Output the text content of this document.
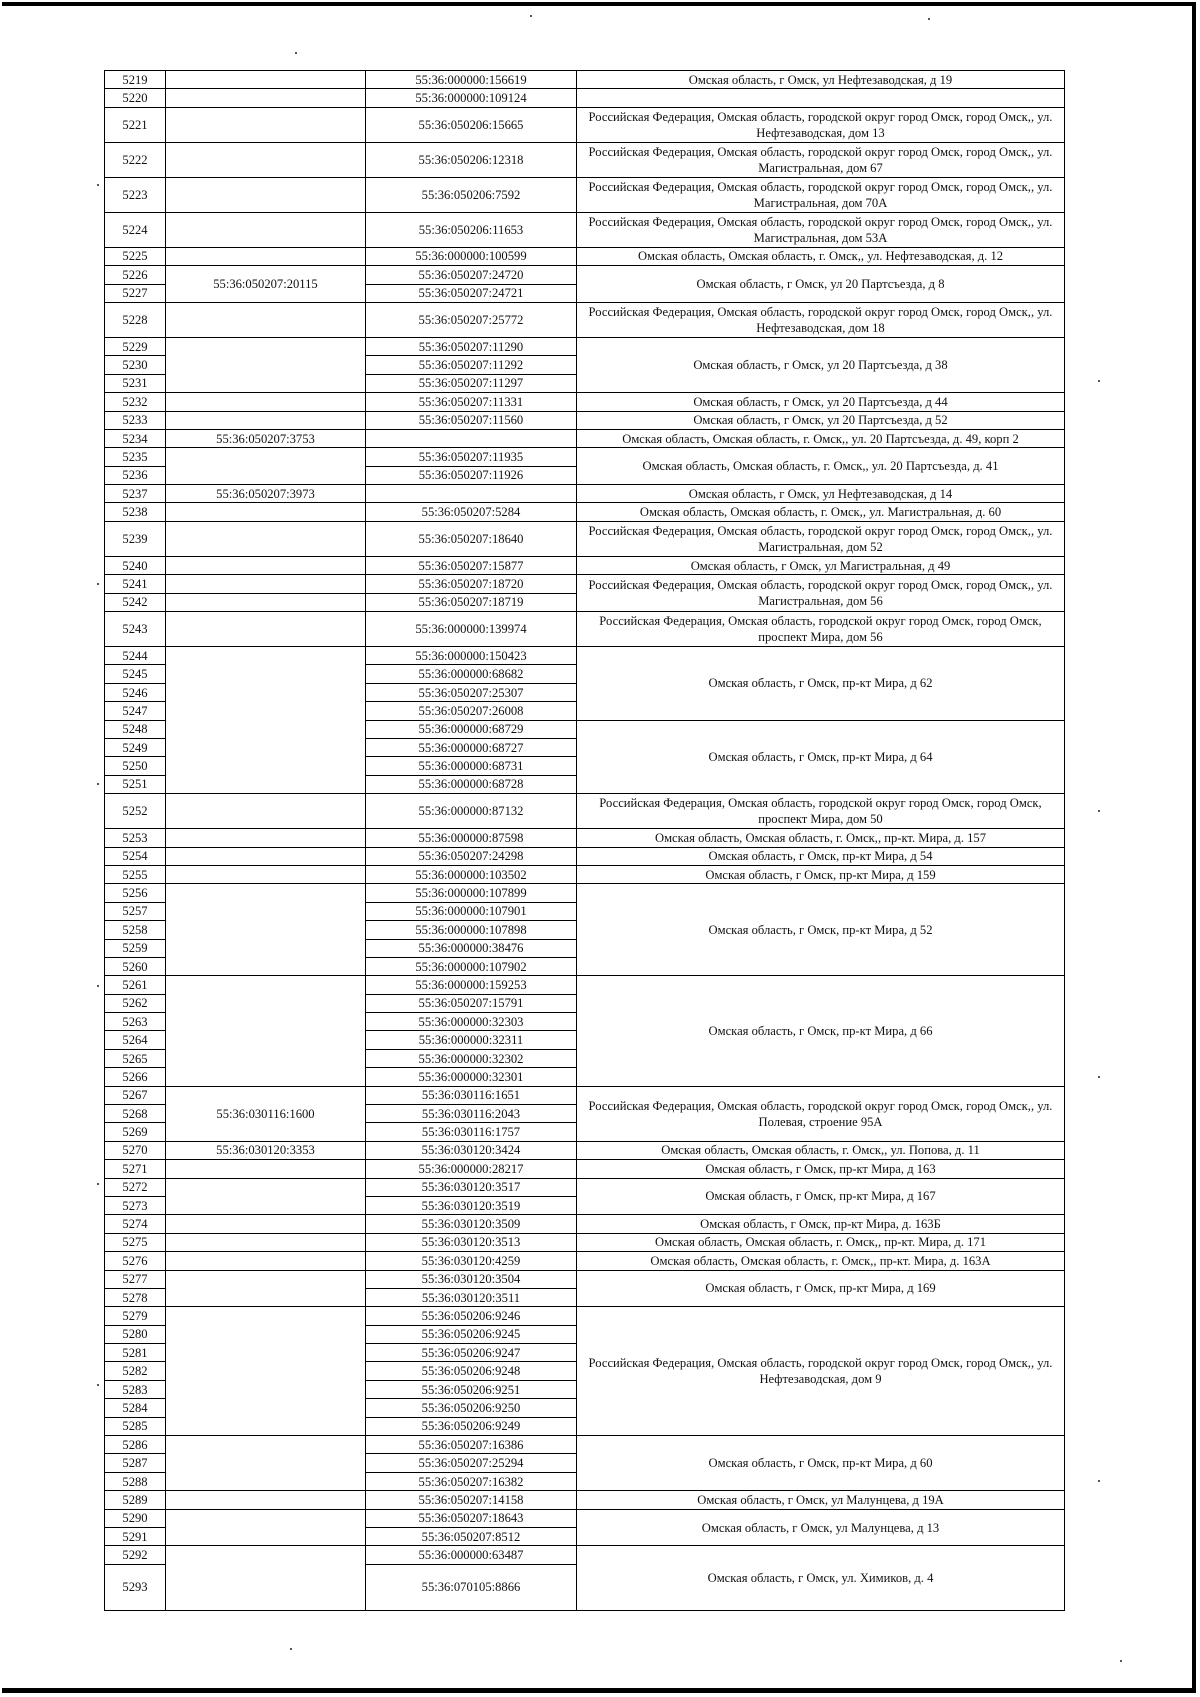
5219		55:36:000000:156619	Омская область, г Омск, ул Нефтезаводская, д 19
5220		55:36:000000:109124	
5221		55:36:050206:15665	Российская Федерация, Омская область, городской округ город Омск, город Омск,, ул. Нефтезаводская, дом 13
5222		55:36:050206:12318	Российская Федерация, Омская область, городской округ город Омск, город Омск,, ул. Магистральная, дом 67
5223		55:36:050206:7592	Российская Федерация, Омская область, городской округ город Омск, город Омск,, ул. Магистральная, дом 70А
5224		55:36:050206:11653	Российская Федерация, Омская область, городской округ город Омск, город Омск,, ул. Магистральная, дом 53А
5225		55:36:000000:100599	Омская область, Омская область, г. Омск,, ул. Нефтезаводская, д. 12
5226	55:36:050207:20115	55:36:050207:24720	Омская область, г Омск, ул 20 Партсъезда, д 8
5227		55:36:050207:24721	
5228		55:36:050207:25772	Российская Федерация, Омская область, городской округ город Омск, город Омск,, ул. Нефтезаводская, дом 18
5229		55:36:050207:11290	Омская область, г Омск, ул 20 Партсъезда, д 38
5230		55:36:050207:11292	
5231		55:36:050207:11297	
5232		55:36:050207:11331	Омская область, г Омск, ул 20 Партсъезда, д 44
5233		55:36:050207:11560	Омская область, г Омск, ул 20 Партсъезда, д 52
5234	55:36:050207:3753		Омская область, Омская область, г. Омск,, ул. 20 Партсъезда, д. 49, корп 2
5235		55:36:050207:11935	Омская область, Омская область, г. Омск,, ул. 20 Партсъезда, д. 41
5236		55:36:050207:11926	
5237	55:36:050207:3973		Омская область, г Омск, ул Нефтезаводская, д 14
5238		55:36:050207:5284	Омская область, Омская область, г. Омск,, ул. Магистральная, д. 60
5239		55:36:050207:18640	Российская Федерация, Омская область, городской округ город Омск, город Омск,, ул. Магистральная, дом 52
5240		55:36:050207:15877	Омская область, г Омск, ул Магистральная, д 49
5241		55:36:050207:18720	Российская Федерация, Омская область, городской округ город Омск, город Омск,, ул. Магистральная, дом 56
5242		55:36:050207:18719	
5243		55:36:000000:139974	Российская Федерация, Омская область, городской округ город Омск, город Омск, проспект Мира, дом 56
5244		55:36:000000:150423	Омская область, г Омск, пр-кт Мира, д 62
5245		55:36:000000:68682	
5246		55:36:050207:25307	
5247		55:36:050207:26008	
5248		55:36:000000:68729	Омская область, г Омск, пр-кт Мира, д 64
5249		55:36:000000:68727	
5250		55:36:000000:68731	
5251		55:36:000000:68728	
5252		55:36:000000:87132	Российская Федерация, Омская область, городской округ город Омск, город Омск, проспект Мира, дом 50
5253		55:36:000000:87598	Омская область, Омская область, г. Омск,, пр-кт. Мира, д. 157
5254		55:36:050207:24298	Омская область, г Омск, пр-кт Мира, д 54
5255		55:36:000000:103502	Омская область, г Омск, пр-кт Мира, д 159
5256		55:36:000000:107899	Омская область, г Омск, пр-кт Мира, д 52
5257		55:36:000000:107901	
5258		55:36:000000:107898	
5259		55:36:000000:38476	
5260		55:36:000000:107902	
5261		55:36:000000:159253	Омская область, г Омск, пр-кт Мира, д 66
5262		55:36:050207:15791	
5263		55:36:000000:32303	
5264		55:36:000000:32311	
5265		55:36:000000:32302	
5266		55:36:000000:32301	
5267	55:36:030116:1600	55:36:030116:1651	Российская Федерация, Омская область, городской округ город Омск, город Омск,, ул. Полевая, строение 95А
5268		55:36:030116:2043	
5269		55:36:030116:1757	
5270	55:36:030120:3353	55:36:030120:3424	Омская область, Омская область, г. Омск,, ул. Попова, д. 11
5271		55:36:000000:28217	Омская область, г Омск, пр-кт Мира, д 163
5272		55:36:030120:3517	Омская область, г Омск, пр-кт Мира, д 167
5273		55:36:030120:3519	
5274		55:36:030120:3509	Омская область, г Омск, пр-кт Мира, д. 163Б
5275		55:36:030120:3513	Омская область, Омская область, г. Омск,, пр-кт. Мира, д. 171
5276		55:36:030120:4259	Омская область, Омская область, г. Омск,, пр-кт. Мира, д. 163А
5277		55:36:030120:3504	Омская область, г Омск, пр-кт Мира, д 169
5278		55:36:030120:3511	
5279		55:36:050206:9246	Российская Федерация, Омская область, городской округ город Омск, город Омск,, ул. Нефтезаводская, дом 9
5280		55:36:050206:9245	
5281		55:36:050206:9247	
5282		55:36:050206:9248	
5283		55:36:050206:9251	
5284		55:36:050206:9250	
5285		55:36:050206:9249	
5286		55:36:050207:16386	Омская область, г Омск, пр-кт Мира, д 60
5287		55:36:050207:25294	
5288		55:36:050207:16382	
5289		55:36:050207:14158	Омская область, г Омск, ул Малунцева, д 19А
5290		55:36:050207:18643	Омская область, г Омск, ул Малунцева, д 13
5291		55:36:050207:8512	
5292		55:36:000000:63487	Омская область, г Омск, ул. Химиков, д. 4
5293		55:36:070105:8866	
